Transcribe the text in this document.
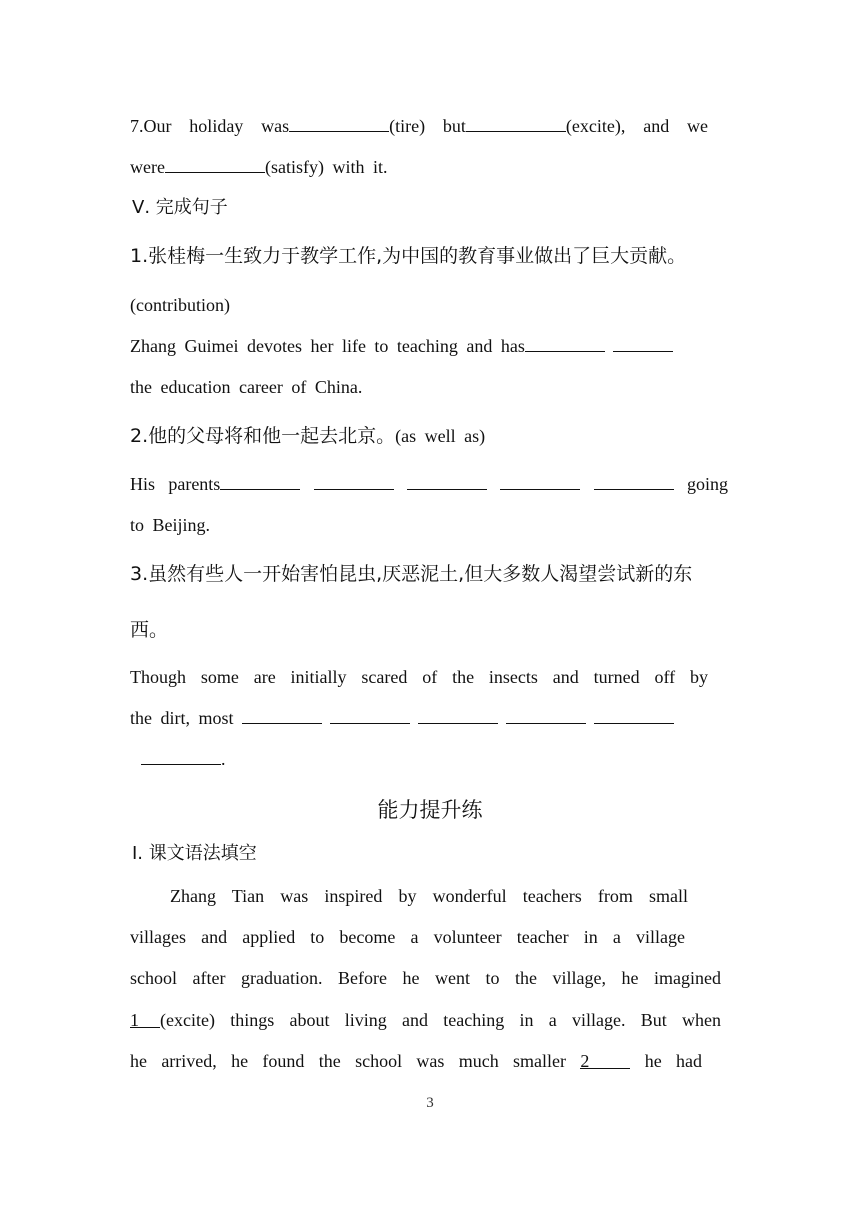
7.Our holiday was	(tire) but	(excite), and we
were	(satisfy) with it.
Ⅴ. 完成句子
1.张桂梅一生致力于教学工作,为中国的教育事业做出了巨大贡献。
(contribution)
Zhang Guimei devotes her life to teaching and has
the education career of China.
2.他的父母将和他一起去北京。(as well as)
His parents	going
to Beijing.
3.虽然有些人一开始害怕昆虫,厌恶泥土,但大多数人渴望尝试新的东
西。
Though some are initially scared of the insects and turned off by
the dirt, most
.
能力提升练
Ⅰ. 课文语法填空
Zhang Tian was inspired by wonderful teachers from small
villages and applied to become a volunteer teacher in a village
school after graduation. Before he went to the village, he imagined
1 (excite) things about living and teaching in a village. But when
he arrived, he found the school was much smaller 2	he had
3
